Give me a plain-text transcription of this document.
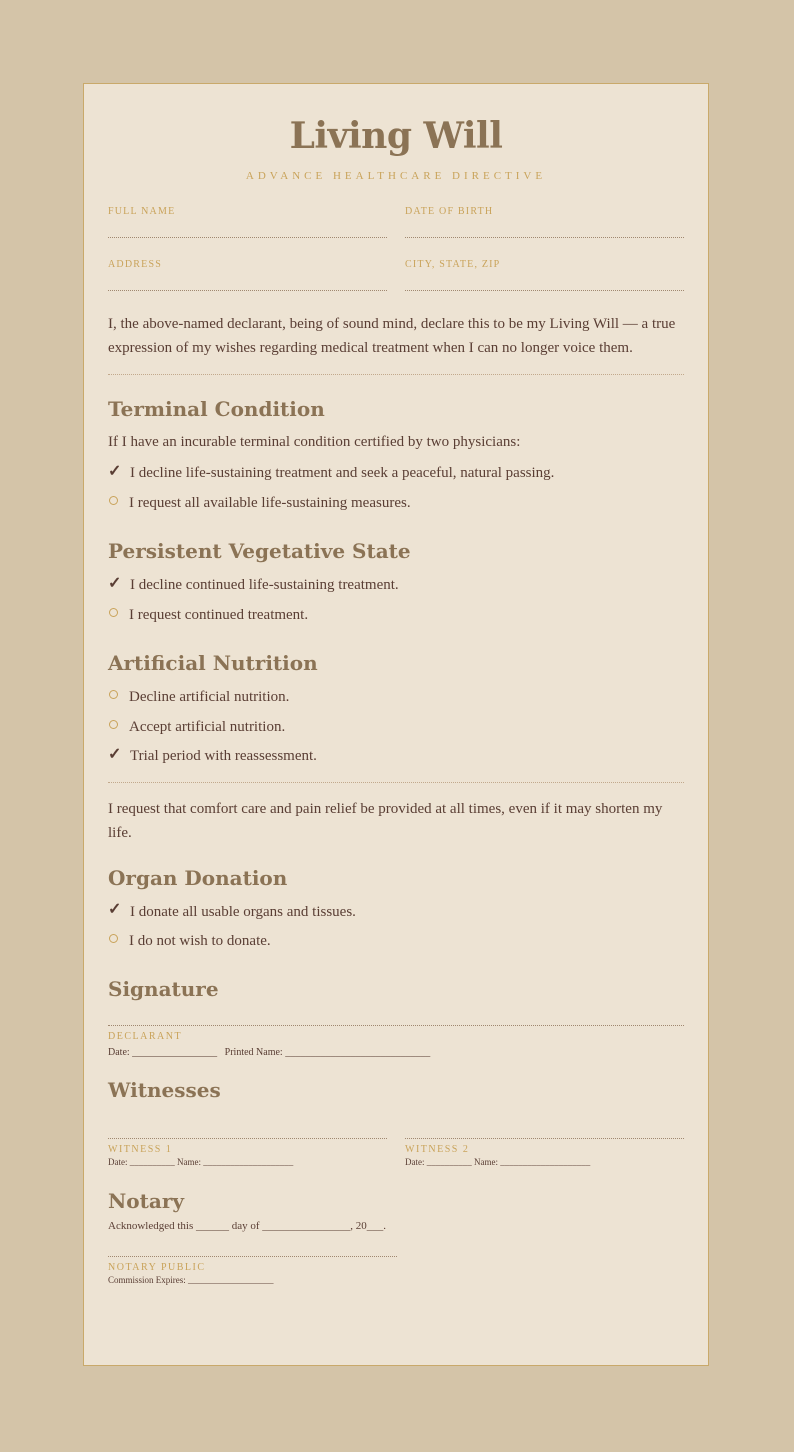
Living Will
ADVANCE HEALTHCARE DIRECTIVE
FULL NAME	DATE OF BIRTH
ADDRESS	CITY, STATE, ZIP
I, the above-named declarant, being of sound mind, declare this to be my Living Will — a true expression of my wishes regarding medical treatment when I can no longer voice them.
Terminal Condition
If I have an incurable terminal condition certified by two physicians:
✓ I decline life-sustaining treatment and seek a peaceful, natural passing.
I request all available life-sustaining measures.
Persistent Vegetative State
✓ I decline continued life-sustaining treatment.
I request continued treatment.
Artificial Nutrition
Decline artificial nutrition.
Accept artificial nutrition.
✓ Trial period with reassessment.
I request that comfort care and pain relief be provided at all times, even if it may shorten my life.
Organ Donation
✓ I donate all usable organs and tissues.
I do not wish to donate.
Signature
DECLARANT
Date: _________________   Printed Name: _____________________________
Witnesses
WITNESS 1
Date: __________ Name: ____________________
WITNESS 2
Date: __________ Name: ____________________
Notary
Acknowledged this ______ day of ________________, 20___.
NOTARY PUBLIC
Commission Expires: ___________________
